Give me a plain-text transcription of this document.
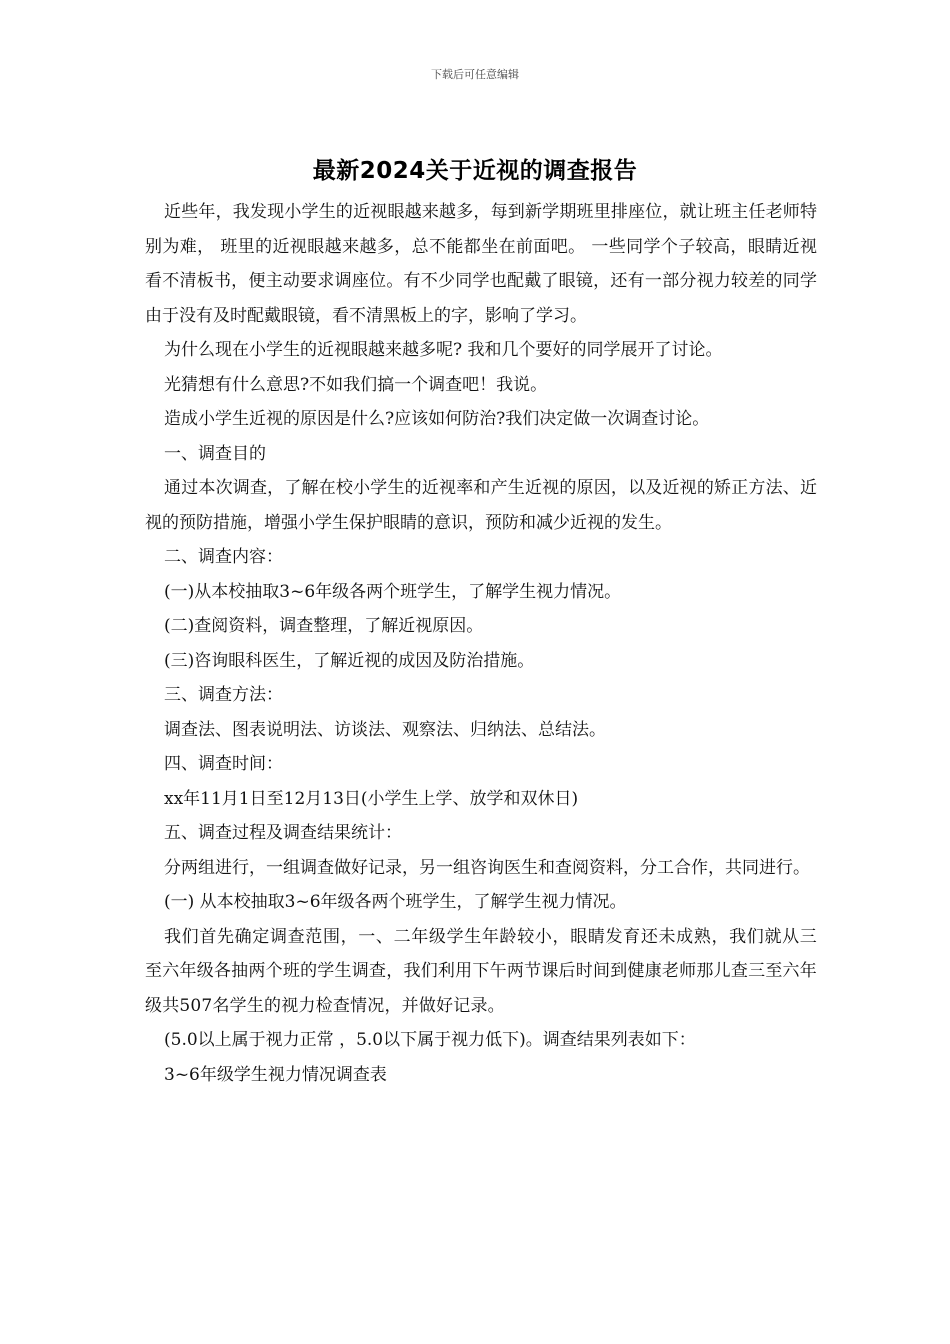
下载后可任意编辑
最新2024关于近视的调查报告

近些年，我发现小学生的近视眼越来越多，每到新学期班里排座位，就让班主任老师特别为难， 班里的近视眼越来越多，总不能都坐在前面吧。 一些同学个子较高，眼睛近视看不清板书，便主动要求调座位。有不少同学也配戴了眼镜，还有一部分视力较差的同学由于没有及时配戴眼镜，看不清黑板上的字，影响了学习。

为什么现在小学生的近视眼越来越多呢? 我和几个要好的同学展开了讨论。

光猜想有什么意思?不如我们搞一个调查吧！我说。

造成小学生近视的原因是什么?应该如何防治?我们决定做一次调查讨论。

一、调查目的

通过本次调查，了解在校小学生的近视率和产生近视的原因，以及近视的矫正方法、近视的预防措施，增强小学生保护眼睛的意识，预防和减少近视的发生。

二、调查内容：

(一)从本校抽取3~6年级各两个班学生，了解学生视力情况。

(二)查阅资料，调查整理，了解近视原因。

(三)咨询眼科医生，了解近视的成因及防治措施。

三、调查方法：

调查法、图表说明法、访谈法、观察法、归纳法、总结法。

四、调查时间：

xx年11月1日至12月13日(小学生上学、放学和双休日)

五、调查过程及调查结果统计：

分两组进行，一组调查做好记录，另一组咨询医生和查阅资料，分工合作，共同进行。

(一) 从本校抽取3~6年级各两个班学生，了解学生视力情况。

我们首先确定调查范围，一、二年级学生年龄较小，眼睛发育还未成熟，我们就从三至六年级各抽两个班的学生调查，我们利用下午两节课后时间到健康老师那儿查三至六年级共507名学生的视力检查情况，并做好记录。

(5.0以上属于视力正常 ，5.0以下属于视力低下)。调查结果列表如下：

3~6年级学生视力情况调查表
